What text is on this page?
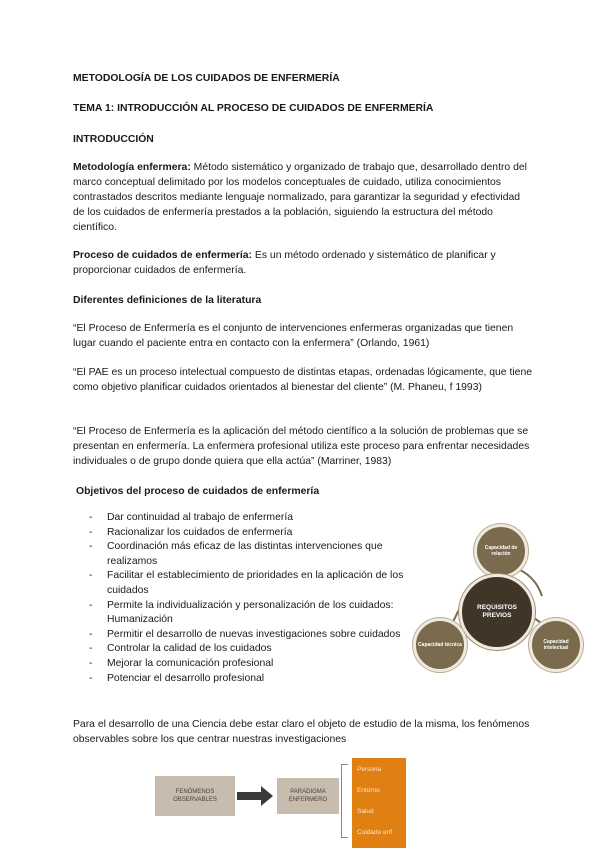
METODOLOGÍA DE LOS CUIDADOS DE ENFERMERÍA

TEMA 1: INTRODUCCIÓN AL PROCESO DE CUIDADOS DE ENFERMERÍA

INTRODUCCIÓN

Metodología enfermera: Método sistemático y organizado de trabajo que, desarrollado dentro del marco conceptual delimitado por los modelos conceptuales de cuidado, utiliza conocimientos contrastados descritos mediante lenguaje normalizado, para garantizar la seguridad y efectividad de los cuidados de enfermería prestados a la población, siguiendo la estructura del método científico.

Proceso de cuidados de enfermería: Es un método ordenado y sistemático de planificar y proporcionar cuidados de enfermería.

Diferentes definiciones de la literatura

“El Proceso de Enfermería es el conjunto de intervenciones enfermeras organizadas que tienen lugar cuando el paciente entra en contacto con la enfermera” (Orlando, 1961)

“El PAE es un proceso intelectual compuesto de distintas etapas, ordenadas lógicamente, que tiene como objetivo planificar cuidados orientados al bienestar del cliente” (M. Phaneu, f 1993)

“El Proceso de Enfermería es la aplicación del método científico a la solución de problemas que se presentan en enfermería. La enfermera profesional utiliza este proceso para enfrentar necesidades individuales o de grupo donde quiera que ella actúa” (Marriner, 1983)

Objetivos del proceso de cuidados de enfermería

- Dar continuidad al trabajo de enfermería
- Racionalizar los cuidados de enfermería
- Coordinación más eficaz de las distintas intervenciones que realizamos
- Facilitar el establecimiento de prioridades en la aplicación de los cuidados
- Permite la individualización y personalización de los cuidados: Humanización
- Permitir el desarrollo de nuevas investigaciones sobre cuidados
- Controlar la calidad de los cuidados
- Mejorar la comunicación profesional
- Potenciar el desarrollo profesional
Capacidad de relación
REQUISITOS PREVIOS
Capacidad técnica	Capacidad intelectual

Para el desarrollo de una Ciencia debe estar claro el objeto de estudio de la misma, los fenómenos observables sobre los que centrar nuestras investigaciones

FENÓMENOS OBSERVABLES
PARADIGMA ENFERMERO
Persona
Entorno
Salud
Cuidado enf
